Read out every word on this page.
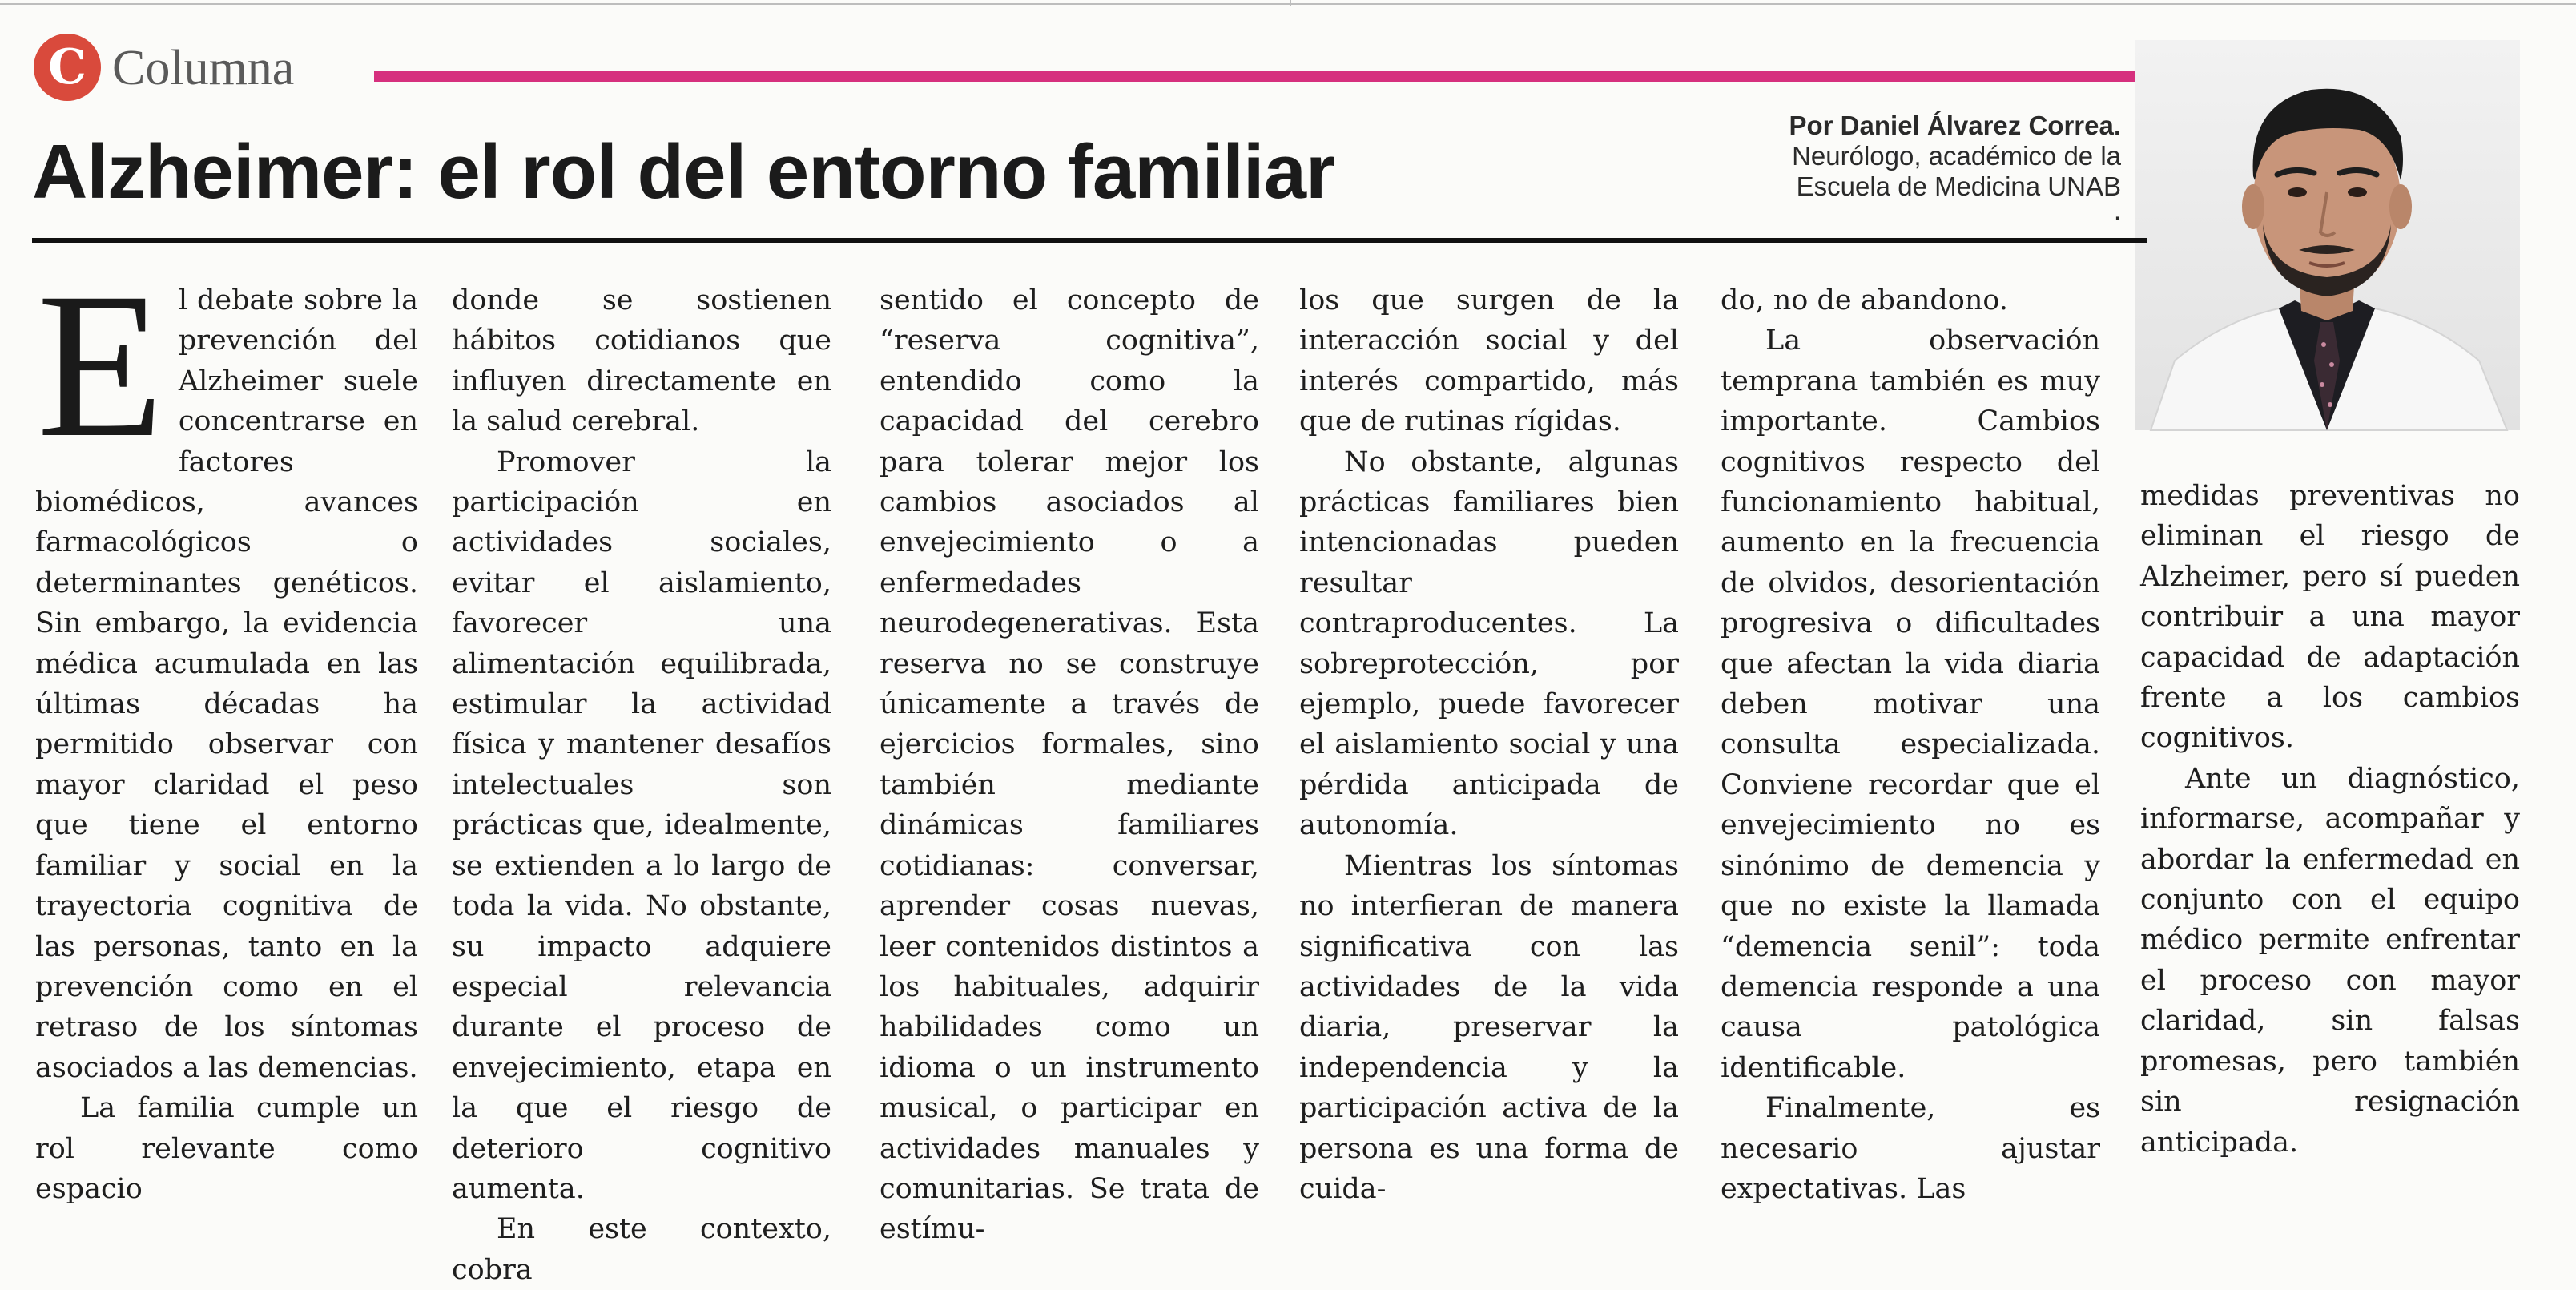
C Columna
Alzheimer: el rol del entorno familiar
Por Daniel Álvarez Correa.
Neurólogo, académico de la
Escuela de Medicina UNAB
.

El debate sobre la prevención del Alzheimer suele concentrarse en factores biomédicos, avances farmacológicos o determinantes genéticos. Sin embargo, la evidencia médica acumulada en las últimas décadas ha permitido observar con mayor claridad el peso que tiene el entorno familiar y social en la trayectoria cognitiva de las personas, tanto en la prevención como en el retraso de los síntomas asociados a las demencias.

La familia cumple un rol relevante como espacio

donde se sostienen hábitos cotidianos que influyen directamente en la salud cerebral.

Promover la participación en actividades sociales, evitar el aislamiento, favorecer una alimentación equilibrada, estimular la actividad física y mantener desafíos intelectuales son prácticas que, idealmente, se extienden a lo largo de toda la vida. No obstante, su impacto adquiere especial relevancia durante el proceso de envejecimiento, etapa en la que el riesgo de deterioro cognitivo aumenta.

En este contexto, cobra

sentido el concepto de “reserva cognitiva”, entendido como la capacidad del cerebro para tolerar mejor los cambios asociados al envejecimiento o a enfermedades neurodegenerativas. Esta reserva no se construye únicamente a través de ejercicios formales, sino también mediante dinámicas familiares cotidianas: conversar, aprender cosas nuevas, leer contenidos distintos a los habituales, adquirir habilidades como un idioma o un instrumento musical, o participar en actividades manuales y comunitarias. Se trata de estímu-

los que surgen de la interacción social y del interés compartido, más que de rutinas rígidas.

No obstante, algunas prácticas familiares bien intencionadas pueden resultar contraproducentes. La sobreprotección, por ejemplo, puede favorecer el aislamiento social y una pérdida anticipada de autonomía.

Mientras los síntomas no interfieran de manera significativa con las actividades de la vida diaria, preservar la independencia y la participación activa de la persona es una forma de cuida-

do, no de abandono.

La observación temprana también es muy importante. Cambios cognitivos respecto del funcionamiento habitual, aumento en la frecuencia de olvidos, desorientación progresiva o dificultades que afectan la vida diaria deben motivar una consulta especializada. Conviene recordar que el envejecimiento no es sinónimo de demencia y que no existe la llamada “demencia senil”: toda demencia responde a una causa patológica identificable.

Finalmente, es necesario ajustar expectativas. Las

medidas preventivas no eliminan el riesgo de Alzheimer, pero sí pueden contribuir a una mayor capacidad de adaptación frente a los cambios cognitivos.

Ante un diagnóstico, informarse, acompañar y abordar la enfermedad en conjunto con el equipo médico permite enfrentar el proceso con mayor claridad, sin falsas promesas, pero también sin resignación anticipada.
